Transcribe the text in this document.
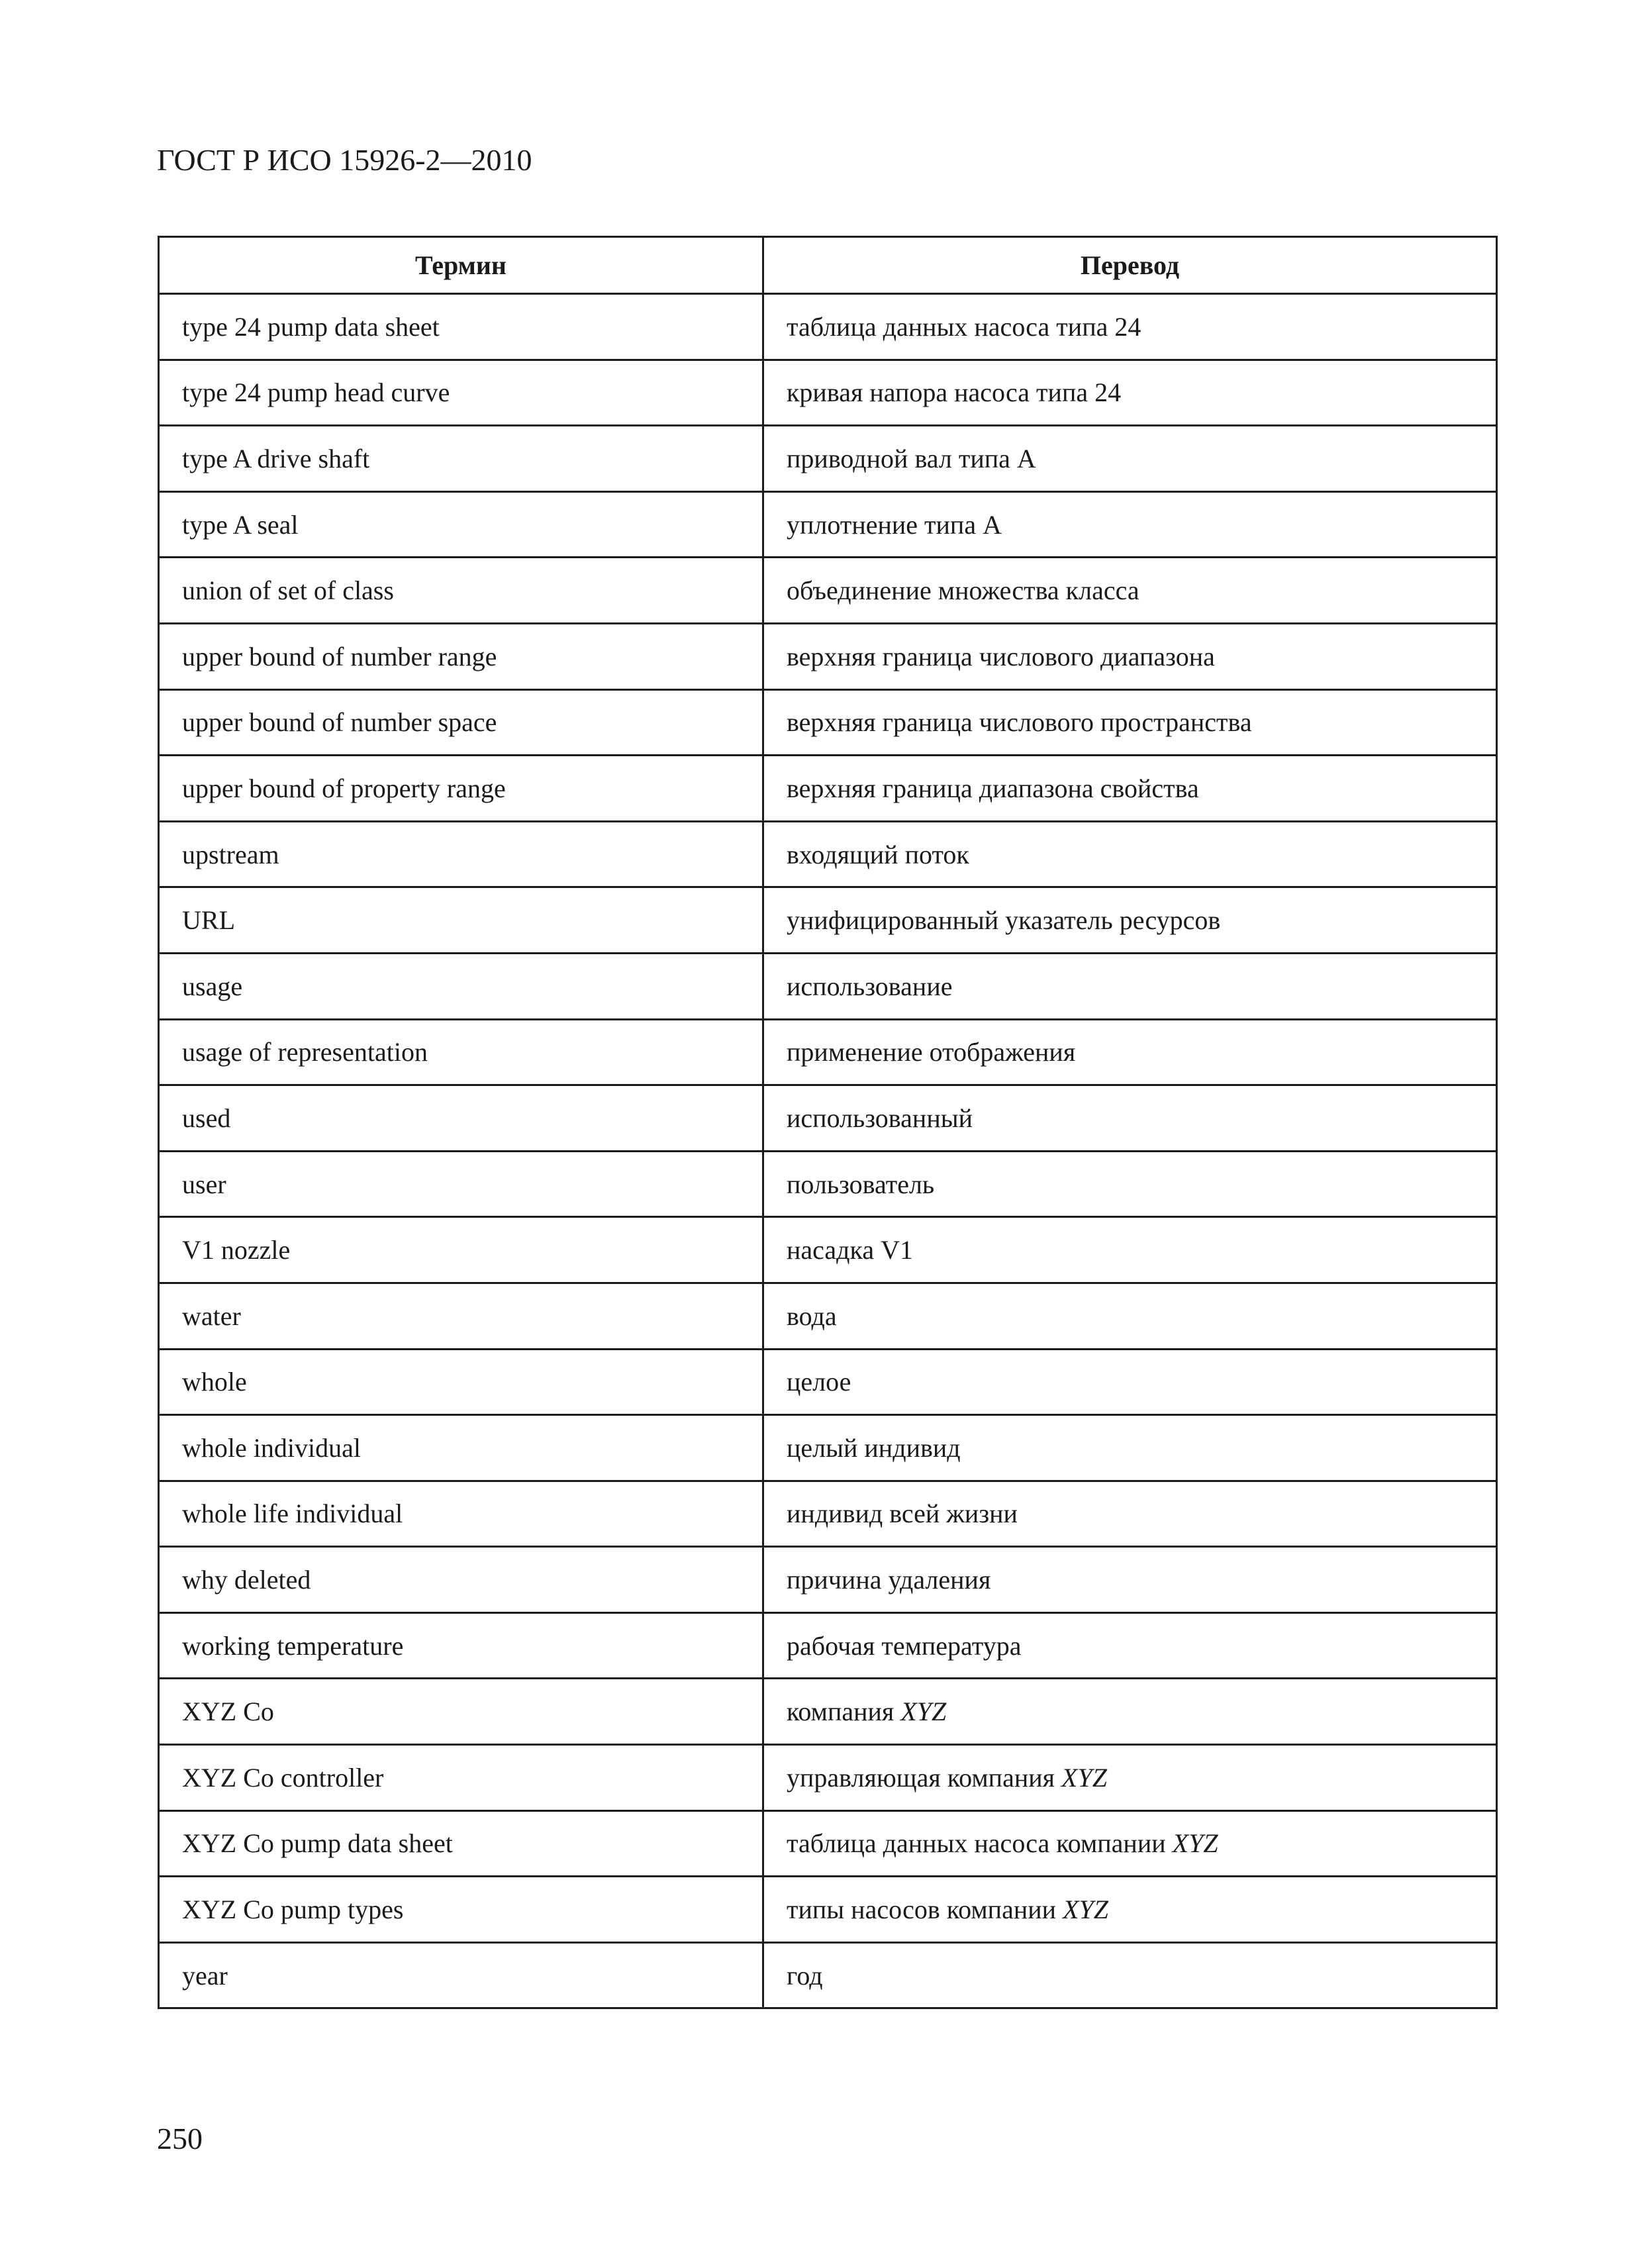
ГОСТ Р ИСО 15926-2—2010
Термин	Перевод
type 24 pump data sheet	таблица данных насоса типа 24
type 24 pump head curve	кривая напора насоса типа 24
type A drive shaft	приводной вал типа A
type A seal	уплотнение типа A
union of set of class	объединение множества класса
upper bound of number range	верхняя граница числового диапазона
upper bound of number space	верхняя граница числового пространства
upper bound of property range	верхняя граница диапазона свойства
upstream	входящий поток
URL	унифицированный указатель ресурсов
usage	использование
usage of representation	применение отображения
used	использованный
user	пользователь
V1 nozzle	насадка V1
water	вода
whole	целое
whole individual	целый индивид
whole life individual	индивид всей жизни
why deleted	причина удаления
working temperature	рабочая температура
XYZ Co	компания XYZ
XYZ Co controller	управляющая компания XYZ
XYZ Co pump data sheet	таблица данных насоса компании XYZ
XYZ Co pump types	типы насосов компании XYZ
year	год
250
